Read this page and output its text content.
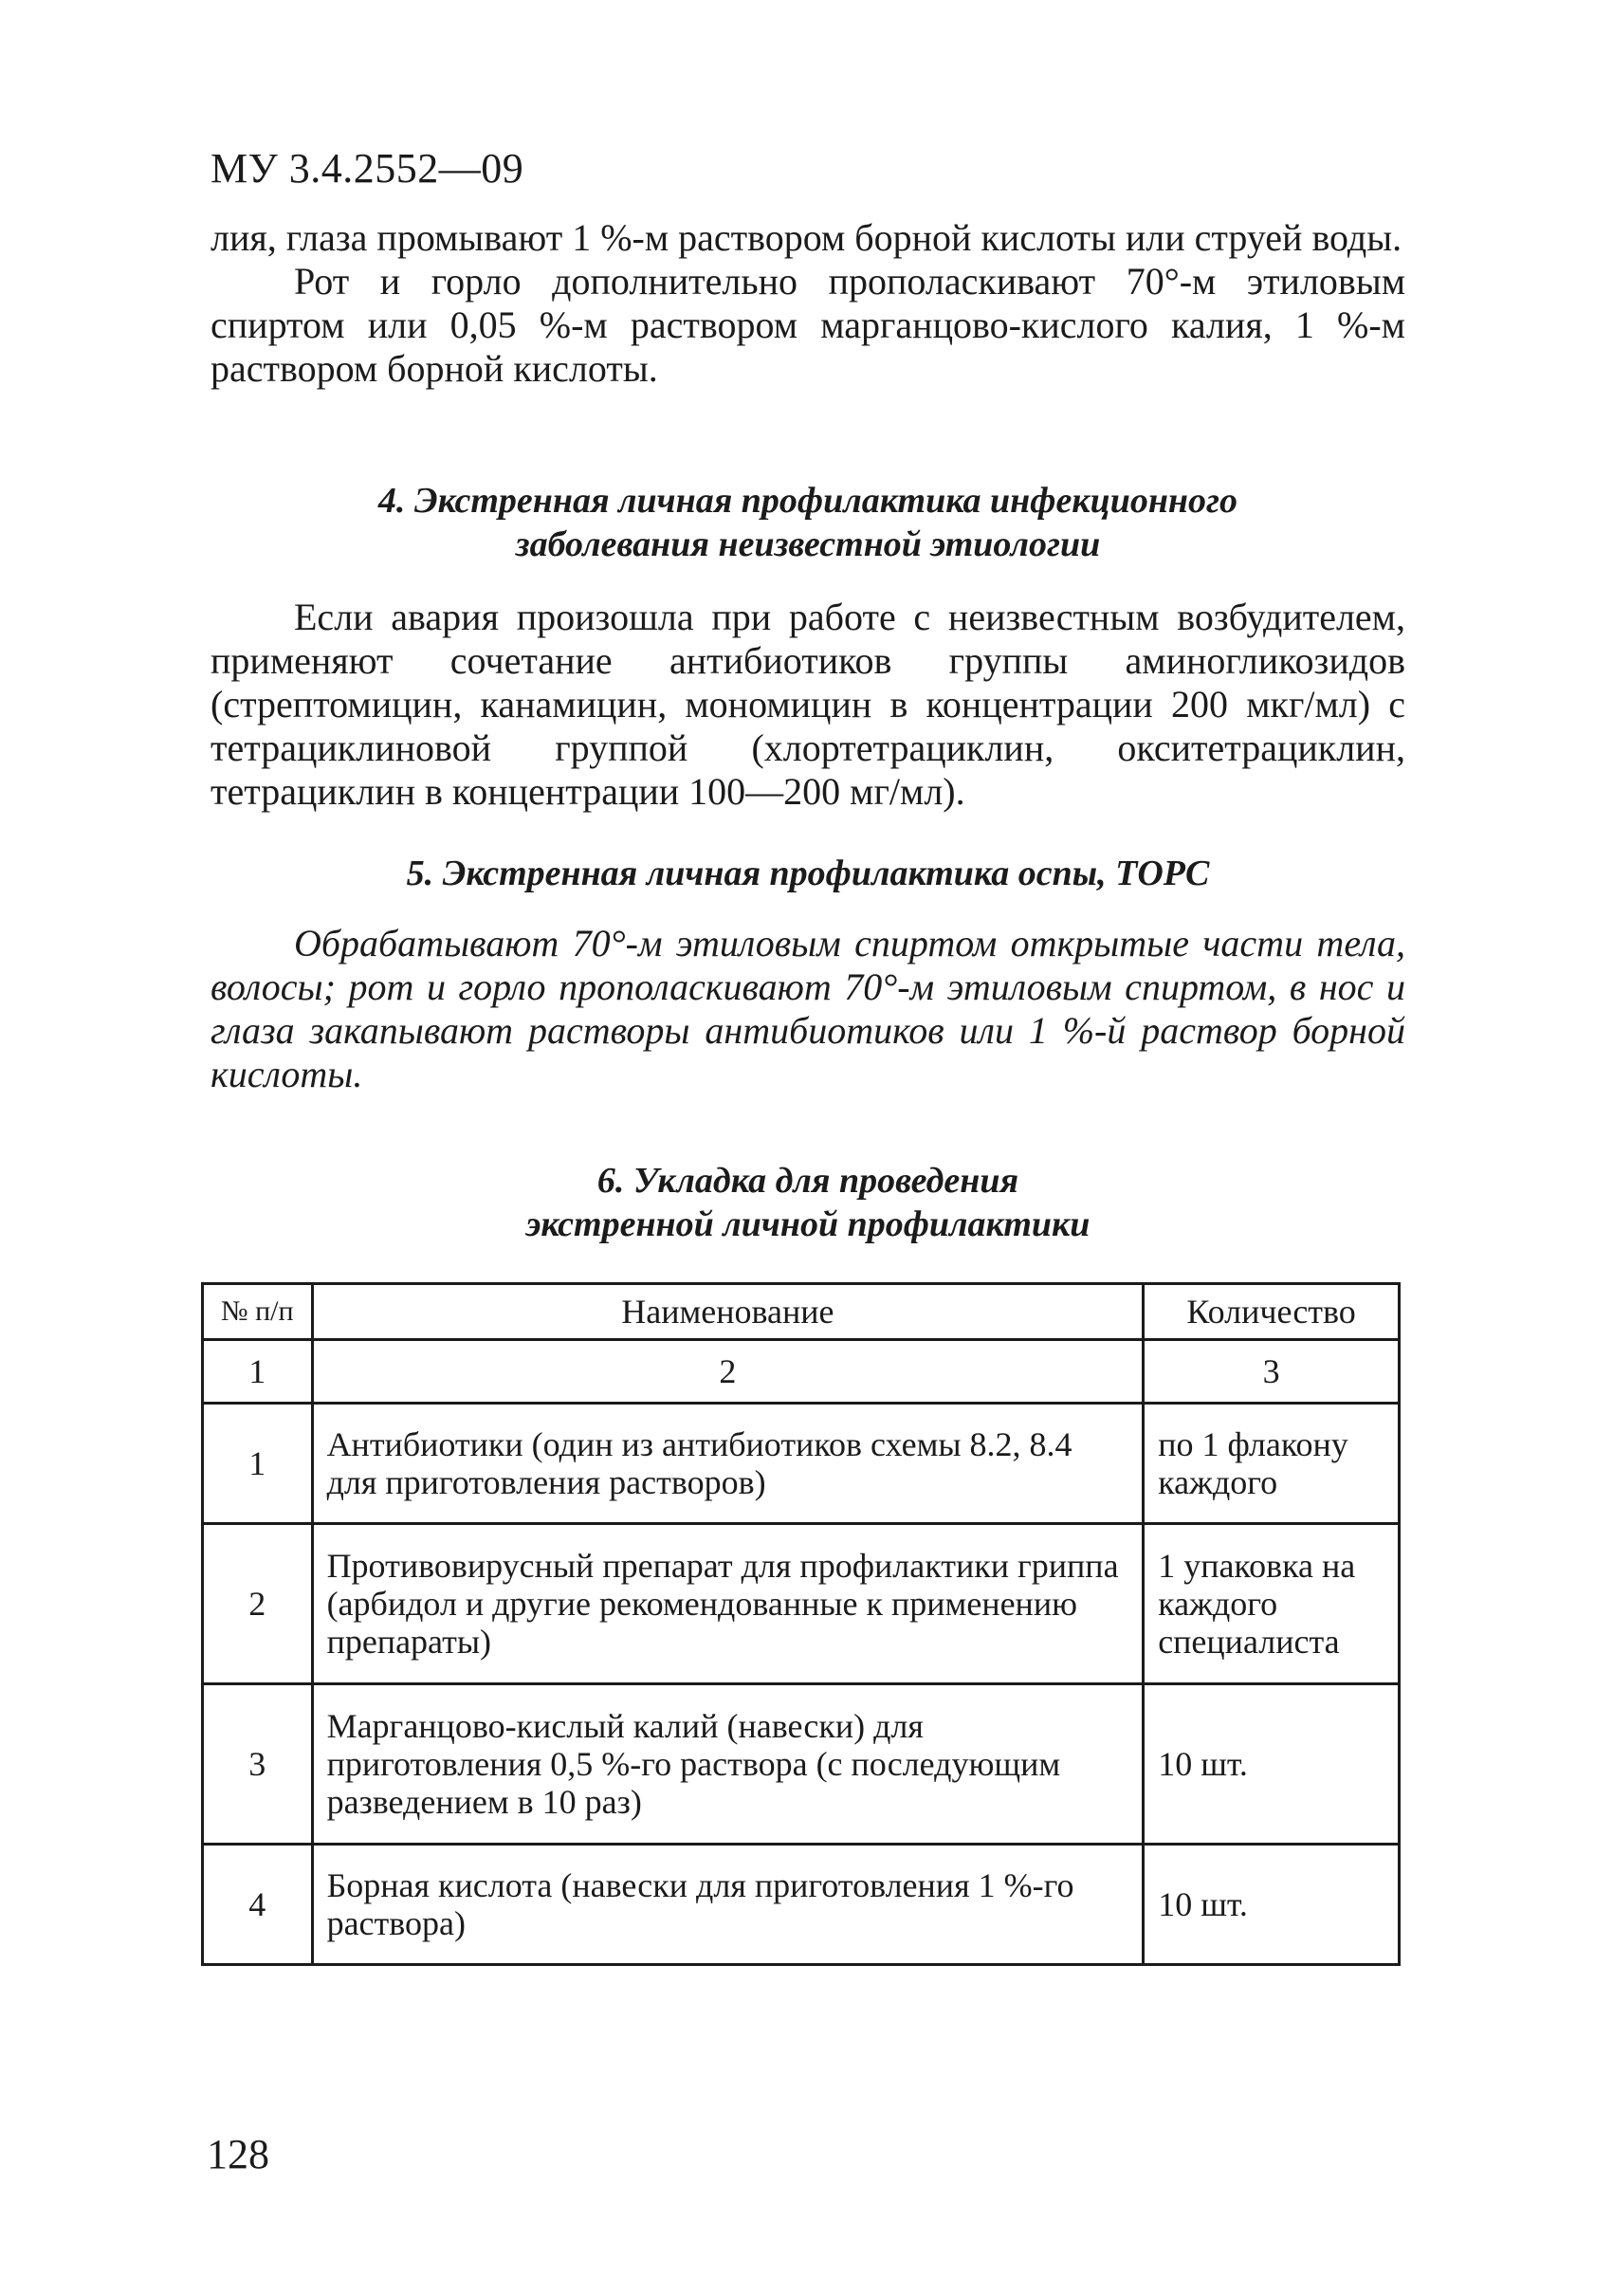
МУ 3.4.2552—09

лия, глаза промывают 1 %-м раствором борной кислоты или струей воды.

Рот и горло дополнительно прополаскивают 70°-м этиловым спиртом или 0,05 %-м раствором марганцово-кислого калия, 1 %-м раствором борной кислоты.

4. Экстренная личная профилактика инфекционного
заболевания неизвестной этиологии

Если авария произошла при работе с неизвестным возбудителем, применяют сочетание антибиотиков группы аминогликозидов (стрептомицин, канамицин, мономицин в концентрации 200 мкг/мл) с тетрациклиновой группой (хлортетрациклин, окситетрациклин, тетрациклин в концентрации 100—200 мг/мл).

5. Экстренная личная профилактика оспы, ТОРС

Обрабатывают 70°-м этиловым спиртом открытые части тела, волосы; рот и горло прополаскивают 70°-м этиловым спиртом, в нос и глаза закапывают растворы антибиотиков или 1 %-й раствор борной кислоты.

6. Укладка для проведения
экстренной личной профилактики
№ п/п	Наименование	Количество
1	2	3
1	Антибиотики (один из антибиотиков схемы 8.2, 8.4 для приготовления растворов)	по 1 флакону каждого
2	Противовирусный препарат для профилактики гриппа (арбидол и другие рекомендованные к применению препараты)	1 упаковка на каждого специалиста
3	Марганцово-кислый калий (навески) для приготовления 0,5 %-го раствора (с последующим разведением в 10 раз)	10 шт.
4	Борная кислота (навески для приготовления 1 %-го раствора)	10 шт.
128
